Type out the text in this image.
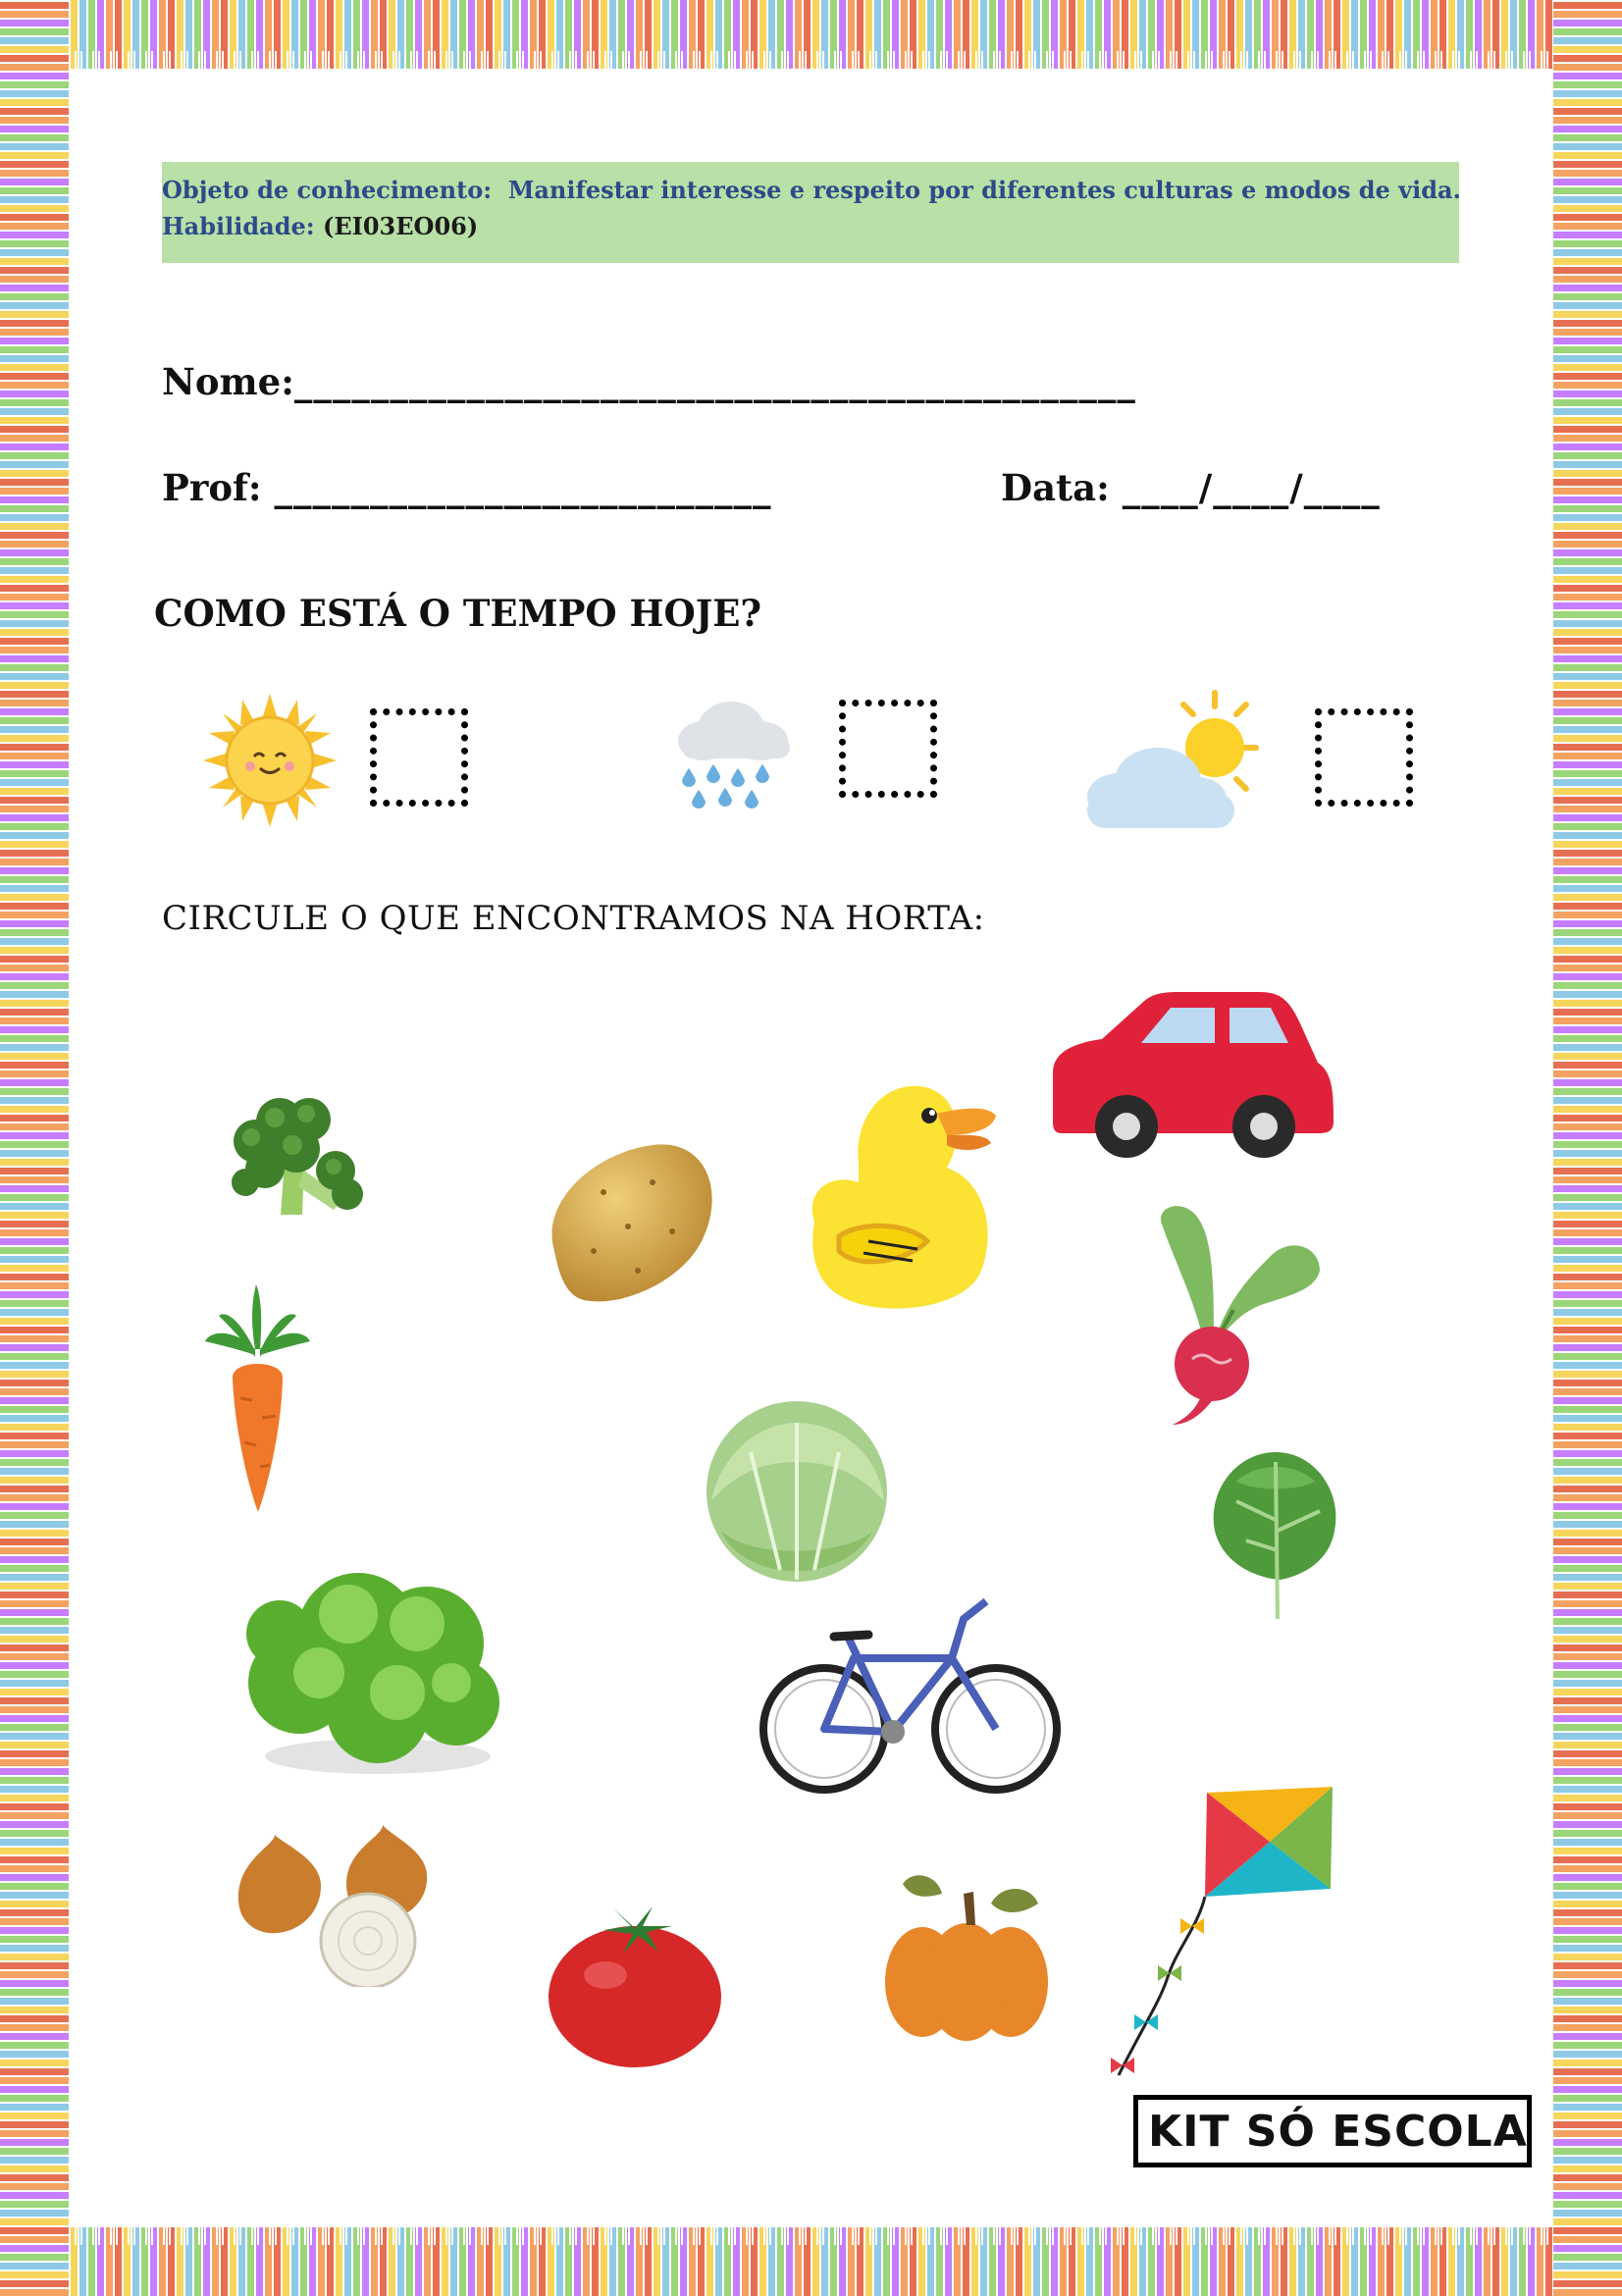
Objeto de conhecimento: Manifestar interesse e respeito por diferentes culturas e modos de vida.
Habilidade: (EI03EO06)
Nome:____________________________________________
Prof: __________________________	Data: ____/____/____
COMO ESTÁ O TEMPO HOJE?
CIRCULE O QUE ENCONTRAMOS NA HORTA:
KIT SÓ ESCOLA
